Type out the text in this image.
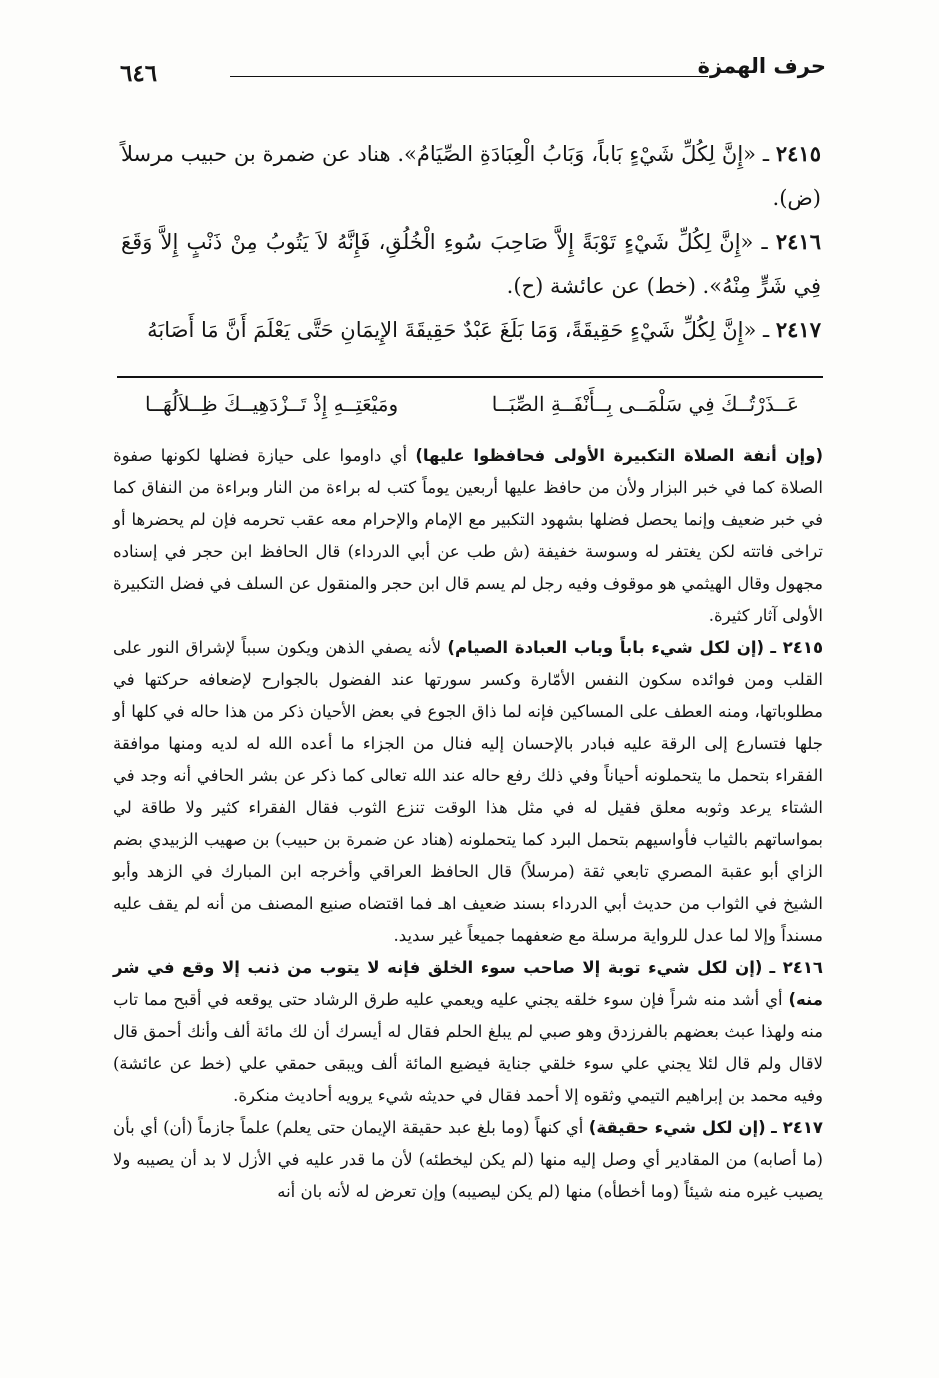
حرف الهمزة
٦٤٦

٢٤١٥ ـ «إِنَّ لِكُلِّ شَيْءٍ بَاباً، وَبَابُ الْعِبَادَةِ الصِّيَامُ». هناد عن ضمرة بن حبيب مرسلاً (ض).

٢٤١٦ ـ «إِنَّ لِكُلِّ شَيْءٍ تَوْبَةً إِلاَّ صَاحِبَ سُوءِ الْخُلُقِ، فَإِنَّهُ لاَ يَتُوبُ مِنْ ذَنْبٍ إِلاَّ وَقَعَ فِي شَرٍّ مِنْهُ». (خط) عن عائشة (ح).

٢٤١٧ ـ «إِنَّ لِكُلِّ شَيْءٍ حَقِيقَةً، وَمَا بَلَغَ عَبْدٌ حَقِيقَةَ الإِيمَانِ حَتَّى يَعْلَمَ أَنَّ مَا أَصَابَهُ

عَــذَرْتُــكَ فِي سَلْمَــى بِــأَنْفَــةِ الصِّبَــا
ومَيْعَتِــهِ إِذْ تَــزْدَهِيــكَ ظِــلاَلُهَــا

(وإن أنفة الصلاة التكبيرة الأولى فحافظوا عليها) أي داوموا على حيازة فضلها لكونها صفوة الصلاة كما في خبر البزار ولأن من حافظ عليها أربعين يوماً كتب له براءة من النار وبراءة من النفاق كما في خبر ضعيف وإنما يحصل فضلها بشهود التكبير مع الإمام والإحرام معه عقب تحرمه فإن لم يحضرها أو تراخى فاتته لكن يغتفر له وسوسة خفيفة (ش طب عن أبي الدرداء) قال الحافظ ابن حجر في إسناده مجهول وقال الهيثمي هو موقوف وفيه رجل لم يسم قال ابن حجر والمنقول عن السلف في فضل التكبيرة الأولى آثار كثيرة.

٢٤١٥ ـ (إن لكل شيء باباً وباب العبادة الصيام) لأنه يصفي الذهن ويكون سبباً لإشراق النور على القلب ومن فوائده سكون النفس الأمّارة وكسر سورتها عند الفضول بالجوارح لإضعافه حركتها في مطلوباتها، ومنه العطف على المساكين فإنه لما ذاق الجوع في بعض الأحيان ذكر من هذا حاله في كلها أو جلها فتسارع إلى الرقة عليه فبادر بالإحسان إليه فنال من الجزاء ما أعده الله له لديه ومنها موافقة الفقراء بتحمل ما يتحملونه أحياناً وفي ذلك رفع حاله عند الله تعالى كما ذكر عن بشر الحافي أنه وجد في الشتاء يرعد وثوبه معلق فقيل له في مثل هذا الوقت تنزع الثوب فقال الفقراء كثير ولا طاقة لي بمواساتهم بالثياب فأواسيهم بتحمل البرد كما يتحملونه (هناد عن ضمرة بن حبيب) بن صهيب الزبيدي بضم الزاي أبو عقبة المصري تابعي ثقة (مرسلاً) قال الحافظ العراقي وأخرجه ابن المبارك في الزهد وأبو الشيخ في الثواب من حديث أبي الدرداء بسند ضعيف اهـ فما اقتضاه صنيع المصنف من أنه لم يقف عليه مسنداً وإلا لما عدل للرواية مرسلة مع ضعفهما جميعاً غير سديد.

٢٤١٦ ـ (إن لكل شيء توبة إلا صاحب سوء الخلق فإنه لا يتوب من ذنب إلا وقع في شر منه) أي أشد منه شراً فإن سوء خلقه يجني عليه ويعمي عليه طرق الرشاد حتى يوقعه في أقبح مما تاب منه ولهذا عبث بعضهم بالفرزدق وهو صبي لم يبلغ الحلم فقال له أيسرك أن لك مائة ألف وأنك أحمق قال لاقال ولم قال لئلا يجني علي سوء خلقي جناية فيضيع المائة ألف ويبقى حمقي علي (خط عن عائشة) وفيه محمد بن إبراهيم التيمي وثقوه إلا أحمد فقال في حديثه شيء يرويه أحاديث منكرة.

٢٤١٧ ـ (إن لكل شيء حقيقة) أي كنهاً (وما بلغ عبد حقيقة الإيمان حتى يعلم) علماً جازماً (أن) أي بأن (ما أصابه) من المقادير أي وصل إليه منها (لم يكن ليخطئه) لأن ما قدر عليه في الأزل لا بد أن يصيبه ولا يصيب غيره منه شيئاً (وما أخطأه) منها (لم يكن ليصيبه) وإن تعرض له لأنه بان أنه
